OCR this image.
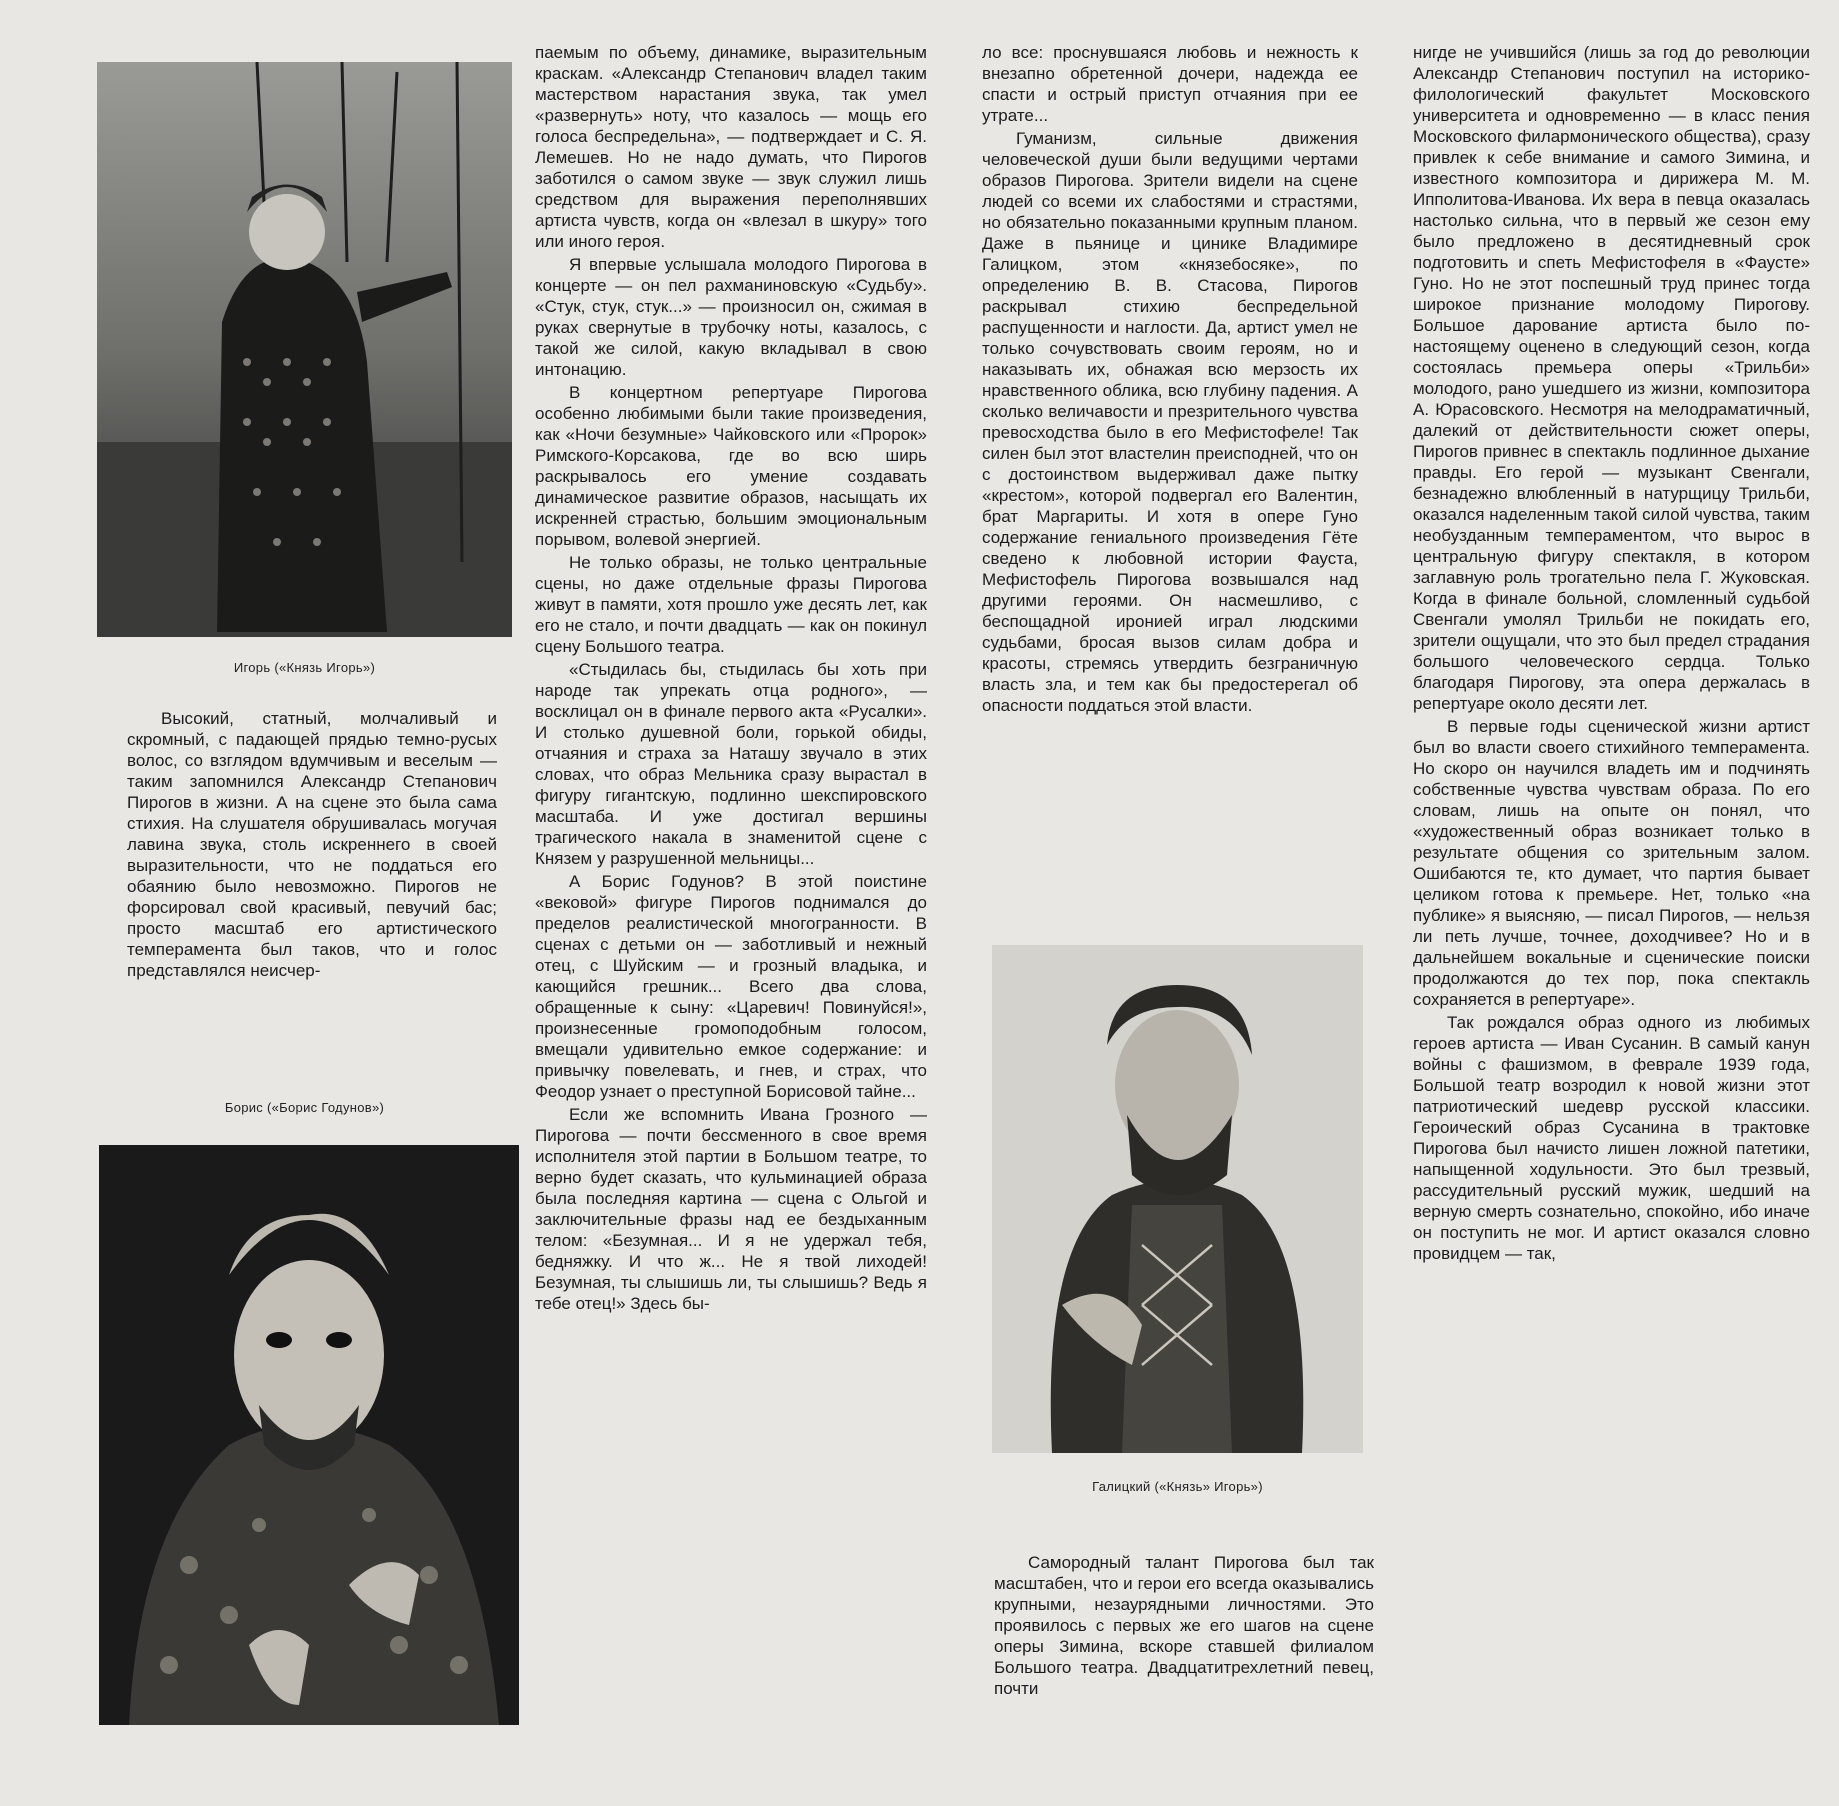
Игорь («Князь Игорь»)

Высокий, статный, молчаливый и скромный, с падающей прядью темно-русых волос, со взглядом вдумчивым и веселым — таким запомнился Александр Степанович Пирогов в жизни. А на сцене это была сама стихия. На слушателя обрушивалась могучая лавина звука, столь искреннего в своей выразительности, что не поддаться его обаянию было невозможно. Пирогов не форсировал свой красивый, певучий бас; просто масштаб его артистического темперамента был таков, что и голос представлялся неисчер-

Борис («Борис Годунов»)

паемым по объему, динамике, выразительным краскам. «Александр Степанович владел таким мастерством нарастания звука, так умел «развернуть» ноту, что казалось — мощь его голоса беспредельна», — подтверждает и С. Я. Лемешев. Но не надо думать, что Пирогов заботился о самом звуке — звук служил лишь средством для выражения переполнявших артиста чувств, когда он «влезал в шкуру» того или иного героя.

Я впервые услышала молодого Пирогова в концерте — он пел рахманиновскую «Судьбу». «Стук, стук, стук...» — произносил он, сжимая в руках свернутые в трубочку ноты, казалось, с такой же силой, какую вкладывал в свою интонацию.

В концертном репертуаре Пирогова особенно любимыми были такие произведения, как «Ночи безумные» Чайковского или «Пророк» Римского-Корсакова, где во всю ширь раскрывалось его умение создавать динамическое развитие образов, насыщать их искренней страстью, большим эмоциональным порывом, волевой энергией.

Не только образы, не только центральные сцены, но даже отдельные фразы Пирогова живут в памяти, хотя прошло уже десять лет, как его не стало, и почти двадцать — как он покинул сцену Большого театра.

«Стыдилась бы, стыдилась бы хоть при народе так упрекать отца родного», — восклицал он в финале первого акта «Русалки». И столько душевной боли, горькой обиды, отчаяния и страха за Наташу звучало в этих словах, что образ Мельника сразу вырастал в фигуру гигантскую, подлинно шекспировского масштаба. И уже достигал вершины трагического накала в знаменитой сцене с Князем у разрушенной мельницы...

А Борис Годунов? В этой поистине «вековой» фигуре Пирогов поднимался до пределов реалистической многогранности. В сценах с детьми он — заботливый и нежный отец, с Шуйским — и грозный владыка, и кающийся грешник... Всего два слова, обращенные к сыну: «Царевич! Повинуйся!», произнесенные громоподобным голосом, вмещали удивительно емкое содержание: и привычку повелевать, и гнев, и страх, что Феодор узнает о преступной Борисовой тайне...

Если же вспомнить Ивана Грозного — Пирогова — почти бессменного в свое время исполнителя этой партии в Большом театре, то верно будет сказать, что кульминацией образа была последняя картина — сцена с Ольгой и заключительные фразы над ее бездыханным телом: «Безумная... И я не удержал тебя, бедняжку. И что ж... Не я твой лиходей! Безумная, ты слышишь ли, ты слышишь? Ведь я тебе отец!» Здесь бы-

ло все: проснувшаяся любовь и нежность к внезапно обретенной дочери, надежда ее спасти и острый приступ отчаяния при ее утрате...

Гуманизм, сильные движения человеческой души были ведущими чертами образов Пирогова. Зрители видели на сцене людей со всеми их слабостями и страстями, но обязательно показанными крупным планом. Даже в пьянице и цинике Владимире Галицком, этом «князебосяке», по определению В. В. Стасова, Пирогов раскрывал стихию беспредельной распущенности и наглости. Да, артист умел не только сочувствовать своим героям, но и наказывать их, обнажая всю мерзость их нравственного облика, всю глубину падения. А сколько величавости и презрительного чувства превосходства было в его Мефистофеле! Так силен был этот властелин преисподней, что он с достоинством выдерживал даже пытку «крестом», которой подвергал его Валентин, брат Маргариты. И хотя в опере Гуно содержание гениального произведения Гёте сведено к любовной истории Фауста, Мефистофель Пирогова возвышался над другими героями. Он насмешливо, с беспощадной иронией играл людскими судьбами, бросая вызов силам добра и красоты, стремясь утвердить безграничную власть зла, и тем как бы предостерегал об опасности поддаться этой власти.

Галицкий («Князь» Игорь»)

Самородный талант Пирогова был так масштабен, что и герои его всегда оказывались крупными, незаурядными личностями. Это проявилось с первых же его шагов на сцене оперы Зимина, вскоре ставшей филиалом Большого театра. Двадцатитрехлетний певец, почти

нигде не учившийся (лишь за год до революции Александр Степанович поступил на историко-филологический факультет Московского университета и одновременно — в класс пения Московского филармонического общества), сразу привлек к себе внимание и самого Зимина, и известного композитора и дирижера М. М. Ипполитова-Иванова. Их вера в певца оказалась настолько сильна, что в первый же сезон ему было предложено в десятидневный срок подготовить и спеть Мефистофеля в «Фаусте» Гуно. Но не этот поспешный труд принес тогда широкое признание молодому Пирогову. Большое дарование артиста было по-настоящему оценено в следующий сезон, когда состоялась премьера оперы «Трильби» молодого, рано ушедшего из жизни, композитора А. Юрасовского. Несмотря на мелодраматичный, далекий от действительности сюжет оперы, Пирогов привнес в спектакль подлинное дыхание правды. Его герой — музыкант Свенгали, безнадежно влюбленный в натурщицу Трильби, оказался наделенным такой силой чувства, таким необузданным темпераментом, что вырос в центральную фигуру спектакля, в котором заглавную роль трогательно пела Г. Жуковская. Когда в финале больной, сломленный судьбой Свенгали умолял Трильби не покидать его, зрители ощущали, что это был предел страдания большого человеческого сердца. Только благодаря Пирогову, эта опера держалась в репертуаре около десяти лет.

В первые годы сценической жизни артист был во власти своего стихийного темперамента. Но скоро он научился владеть им и подчинять собственные чувства чувствам образа. По его словам, лишь на опыте он понял, что «художественный образ возникает только в результате общения со зрительным залом. Ошибаются те, кто думает, что партия бывает целиком готова к премьере. Нет, только «на публике» я выясняю, — писал Пирогов, — нельзя ли петь лучше, точнее, доходчивее? Но и в дальнейшем вокальные и сценические поиски продолжаются до тех пор, пока спектакль сохраняется в репертуаре».

Так рождался образ одного из любимых героев артиста — Иван Сусанин. В самый канун войны с фашизмом, в феврале 1939 года, Большой театр возродил к новой жизни этот патриотический шедевр русской классики. Героический образ Сусанина в трактовке Пирогова был начисто лишен ложной патетики, напыщенной ходульности. Это был трезвый, рассудительный русский мужик, шедший на верную смерть сознательно, спокойно, ибо иначе он поступить не мог. И артист оказался словно провидцем — так,
